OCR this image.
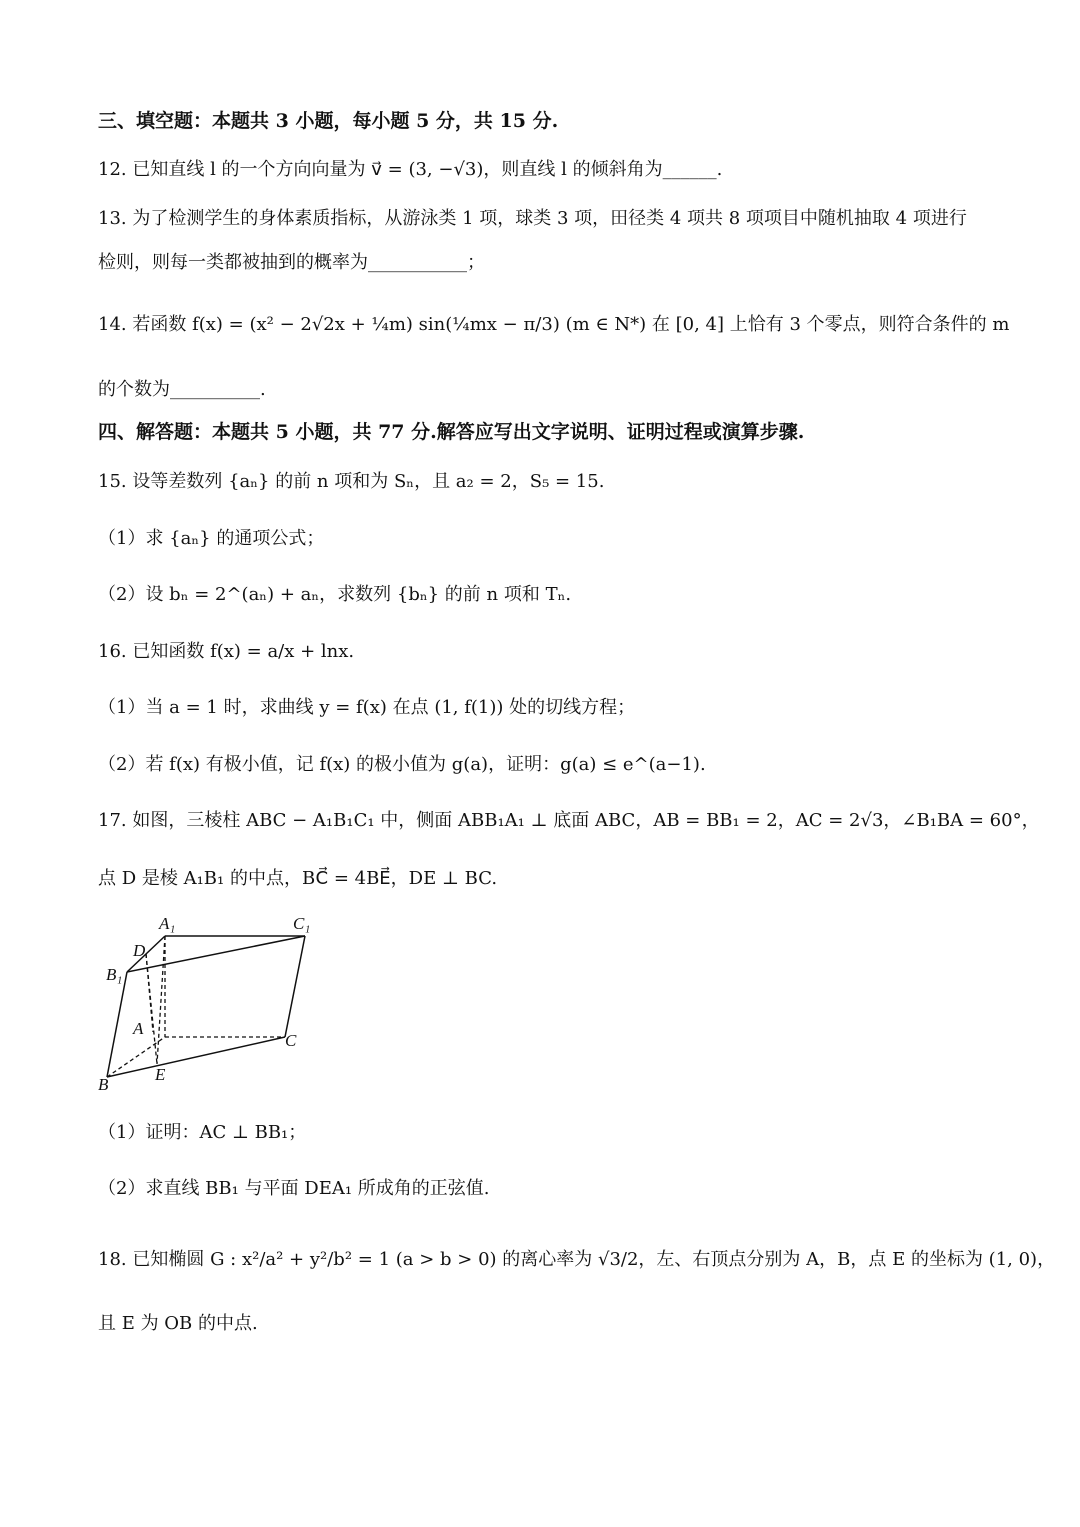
三、填空题：本题共 3 小题，每小题 5 分，共 15 分.
12. 已知直线 l 的一个方向向量为 v⃗ = (3, −√3)，则直线 l 的倾斜角为______.
13. 为了检测学生的身体素质指标，从游泳类 1 项，球类 3 项，田径类 4 项共 8 项项目中随机抽取 4 项进行
检则，则每一类都被抽到的概率为___________；
14. 若函数 f(x) = (x² − 2√2x + ¼m) sin(¼mx − π/3) (m ∈ N*) 在 [0, 4] 上恰有 3 个零点，则符合条件的 m
的个数为__________.
四、解答题：本题共 5 小题，共 77 分.解答应写出文字说明、证明过程或演算步骤.
15. 设等差数列 {aₙ} 的前 n 项和为 Sₙ，且 a₂ = 2，S₅ = 15.
（1）求 {aₙ} 的通项公式；
（2）设 bₙ = 2^(aₙ) + aₙ，求数列 {bₙ} 的前 n 项和 Tₙ.
16. 已知函数 f(x) = a/x + lnx.
（1）当 a = 1 时，求曲线 y = f(x) 在点 (1, f(1)) 处的切线方程；
（2）若 f(x) 有极小值，记 f(x) 的极小值为 g(a)，证明：g(a) ≤ e^(a−1).
17. 如图，三棱柱 ABC − A₁B₁C₁ 中，侧面 ABB₁A₁ ⊥ 底面 ABC，AB = BB₁ = 2，AC = 2√3，∠B₁BA = 60°，
点 D 是棱 A₁B₁ 的中点，BC⃗ = 4BE⃗，DE ⊥ BC.
A₁	C₁
D
B₁
A
C
B
E
（1）证明：AC ⊥ BB₁；
（2）求直线 BB₁ 与平面 DEA₁ 所成角的正弦值.
18. 已知椭圆 G : x²/a² + y²/b² = 1 (a > b > 0) 的离心率为 √3/2，左、右顶点分别为 A，B，点 E 的坐标为 (1, 0)，
且 E 为 OB 的中点.
